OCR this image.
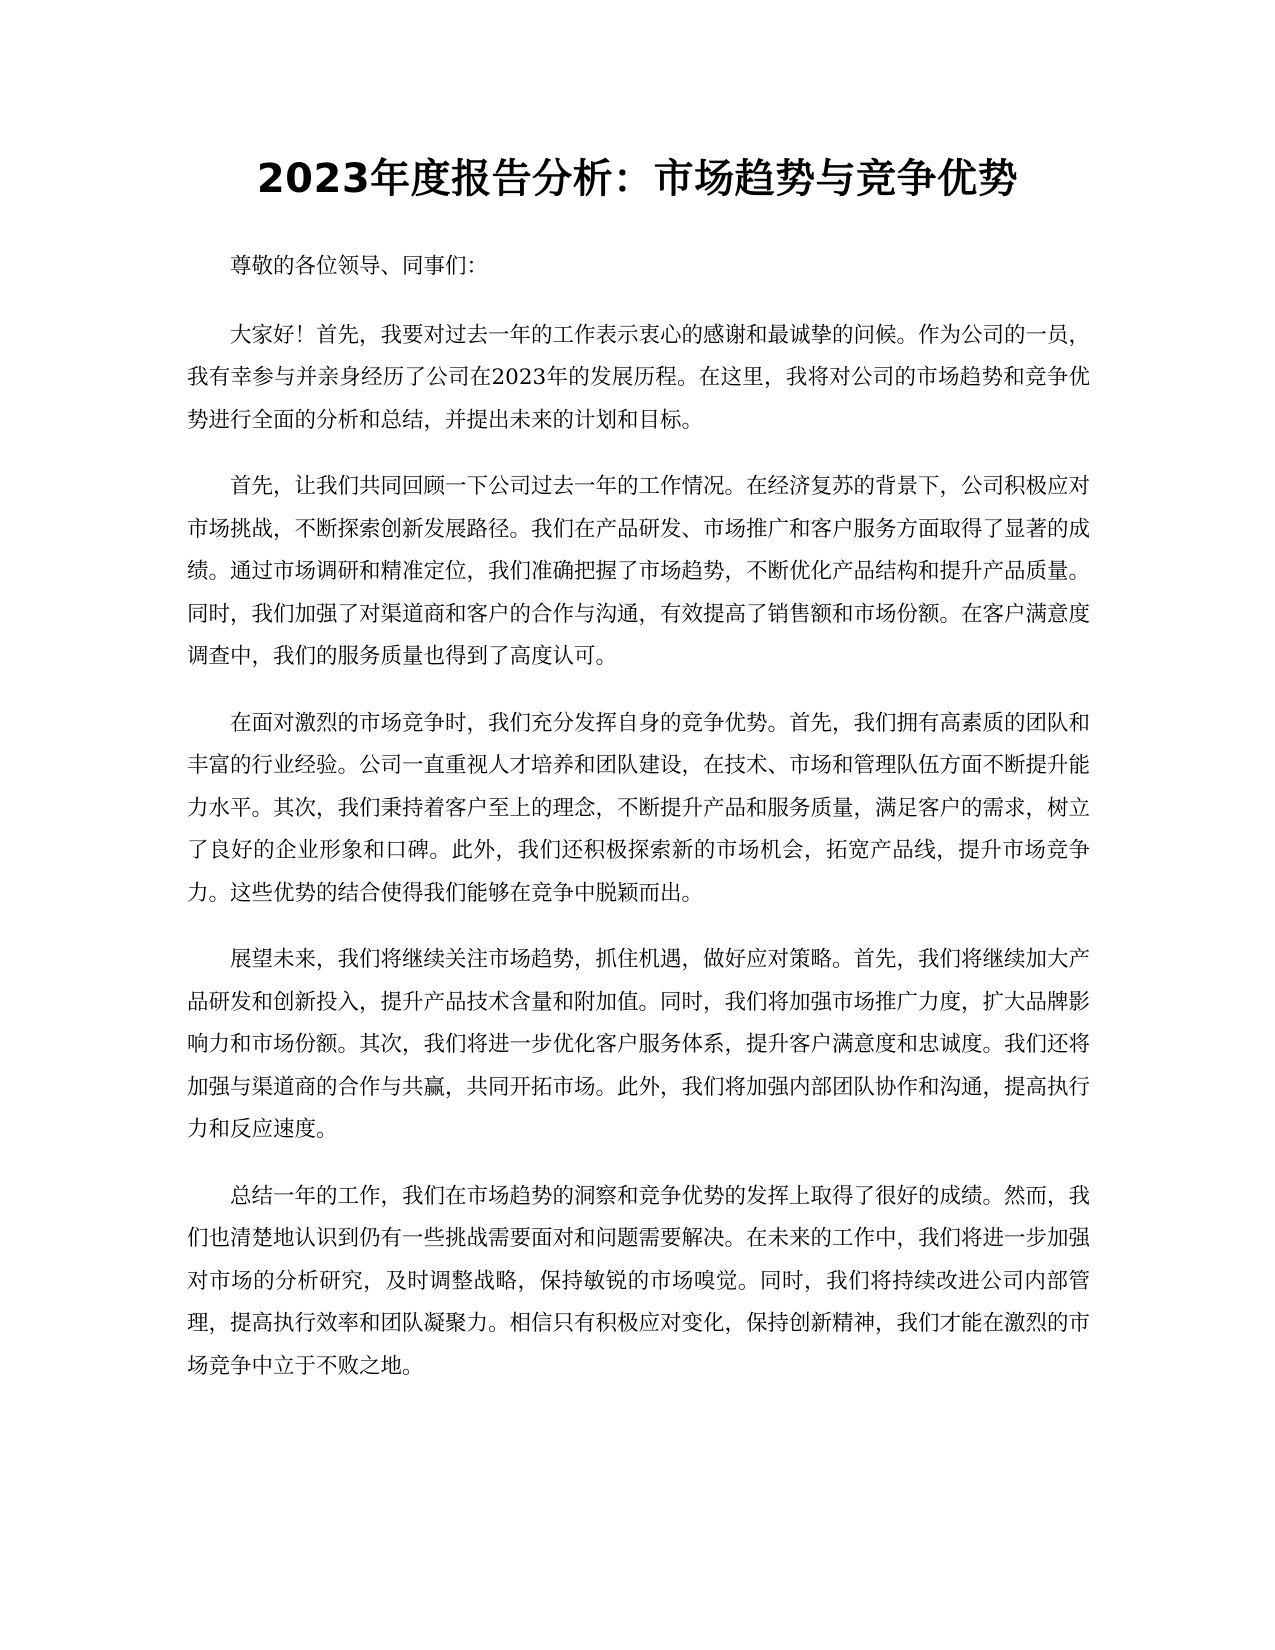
2023年度报告分析：市场趋势与竞争优势

尊敬的各位领导、同事们：

大家好！首先，我要对过去一年的工作表示衷心的感谢和最诚挚的问候。作为公司的一员，我有幸参与并亲身经历了公司在2023年的发展历程。在这里，我将对公司的市场趋势和竞争优势进行全面的分析和总结，并提出未来的计划和目标。

首先，让我们共同回顾一下公司过去一年的工作情况。在经济复苏的背景下，公司积极应对市场挑战，不断探索创新发展路径。我们在产品研发、市场推广和客户服务方面取得了显著的成绩。通过市场调研和精准定位，我们准确把握了市场趋势，不断优化产品结构和提升产品质量。同时，我们加强了对渠道商和客户的合作与沟通，有效提高了销售额和市场份额。在客户满意度调查中，我们的服务质量也得到了高度认可。

在面对激烈的市场竞争时，我们充分发挥自身的竞争优势。首先，我们拥有高素质的团队和丰富的行业经验。公司一直重视人才培养和团队建设，在技术、市场和管理队伍方面不断提升能力水平。其次，我们秉持着客户至上的理念，不断提升产品和服务质量，满足客户的需求，树立了良好的企业形象和口碑。此外，我们还积极探索新的市场机会，拓宽产品线，提升市场竞争力。这些优势的结合使得我们能够在竞争中脱颖而出。

展望未来，我们将继续关注市场趋势，抓住机遇，做好应对策略。首先，我们将继续加大产品研发和创新投入，提升产品技术含量和附加值。同时，我们将加强市场推广力度，扩大品牌影响力和市场份额。其次，我们将进一步优化客户服务体系，提升客户满意度和忠诚度。我们还将加强与渠道商的合作与共赢，共同开拓市场。此外，我们将加强内部团队协作和沟通，提高执行力和反应速度。

总结一年的工作，我们在市场趋势的洞察和竞争优势的发挥上取得了很好的成绩。然而，我们也清楚地认识到仍有一些挑战需要面对和问题需要解决。在未来的工作中，我们将进一步加强对市场的分析研究，及时调整战略，保持敏锐的市场嗅觉。同时，我们将持续改进公司内部管理，提高执行效率和团队凝聚力。相信只有积极应对变化，保持创新精神，我们才能在激烈的市场竞争中立于不败之地。
